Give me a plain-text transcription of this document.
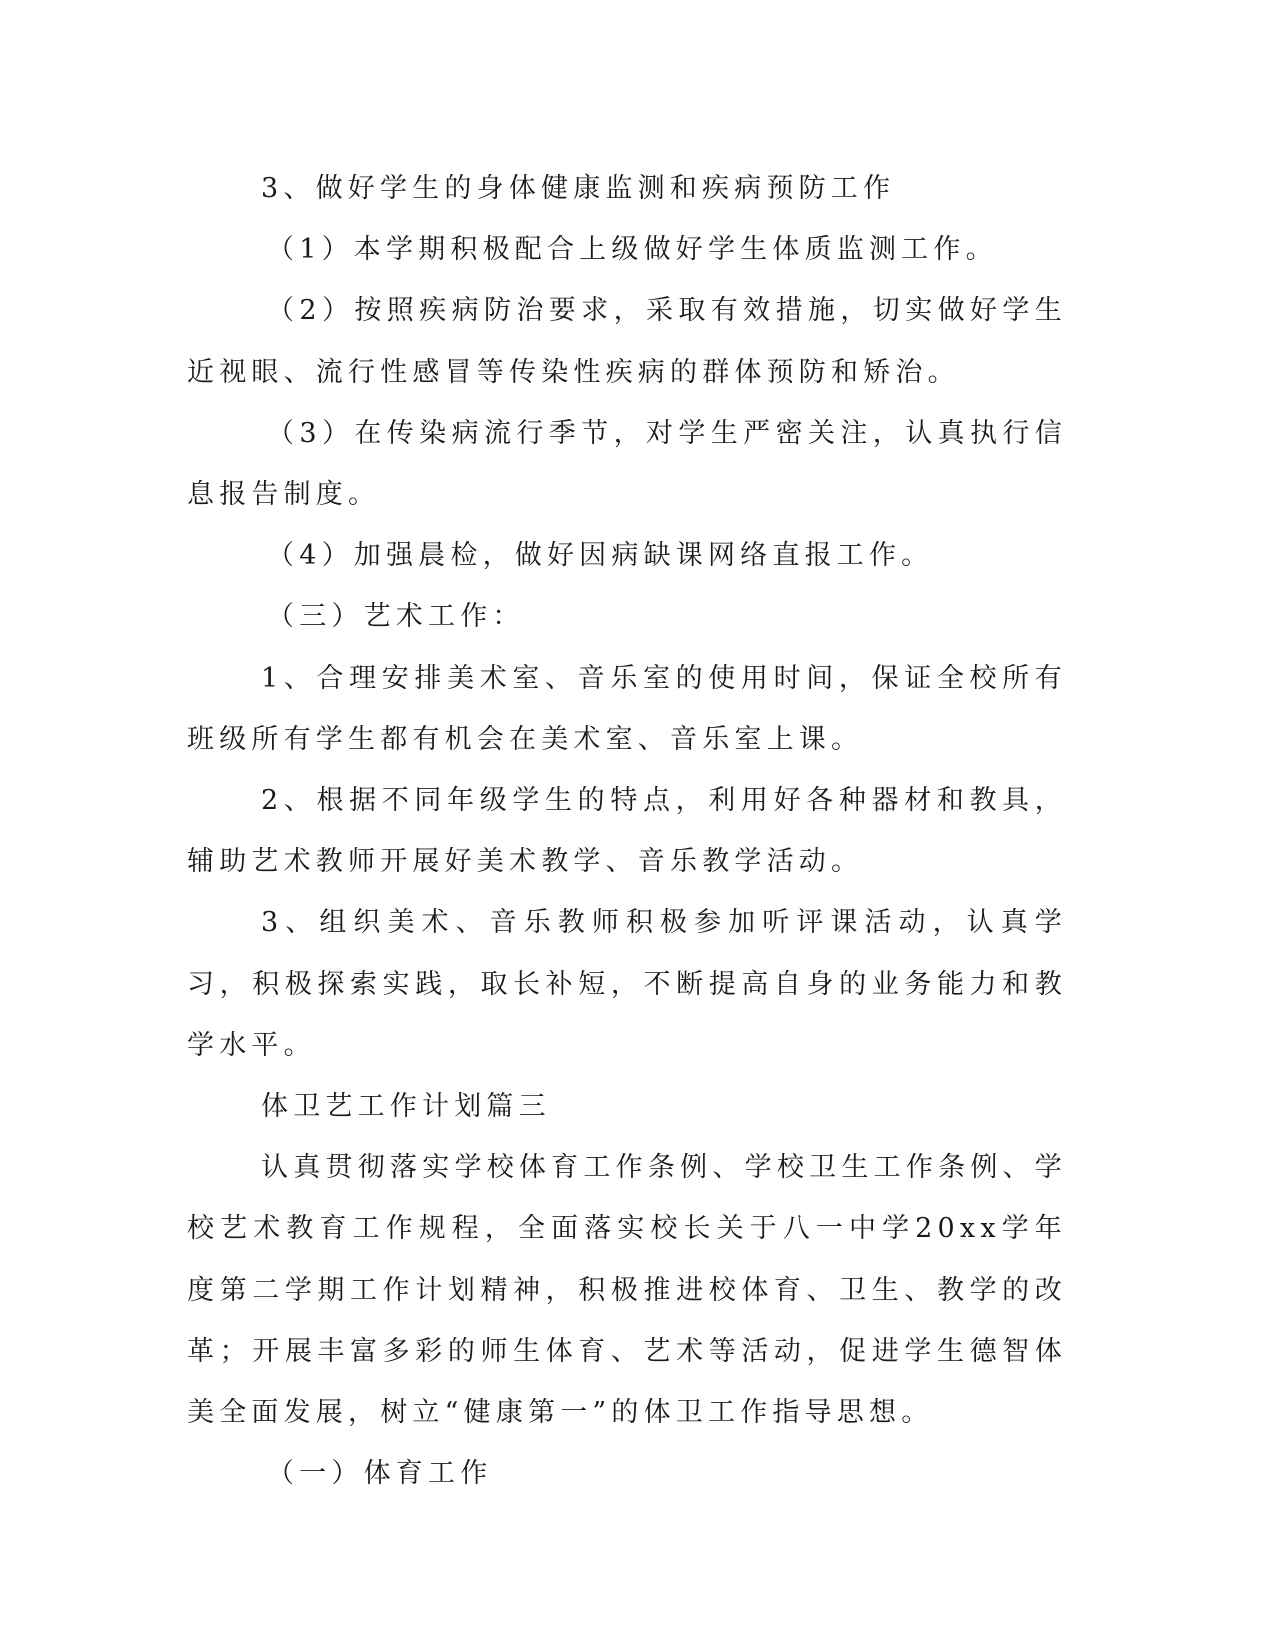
3、做好学生的身体健康监测和疾病预防工作

（1）本学期积极配合上级做好学生体质监测工作。

（2）按照疾病防治要求，采取有效措施，切实做好学生近视眼、流行性感冒等传染性疾病的群体预防和矫治。

（3）在传染病流行季节，对学生严密关注，认真执行信息报告制度。

（4）加强晨检，做好因病缺课网络直报工作。

（三）艺术工作：

1、合理安排美术室、音乐室的使用时间，保证全校所有班级所有学生都有机会在美术室、音乐室上课。

2、根据不同年级学生的特点，利用好各种器材和教具，辅助艺术教师开展好美术教学、音乐教学活动。

3、组织美术、音乐教师积极参加听评课活动，认真学习，积极探索实践，取长补短，不断提高自身的业务能力和教学水平。

体卫艺工作计划篇三

认真贯彻落实学校体育工作条例、学校卫生工作条例、学校艺术教育工作规程，全面落实校长关于八一中学20xx学年度第二学期工作计划精神，积极推进校体育、卫生、教学的改革；开展丰富多彩的师生体育、艺术等活动，促进学生德智体美全面发展，树立“健康第一”的体卫工作指导思想。

（一）体育工作
